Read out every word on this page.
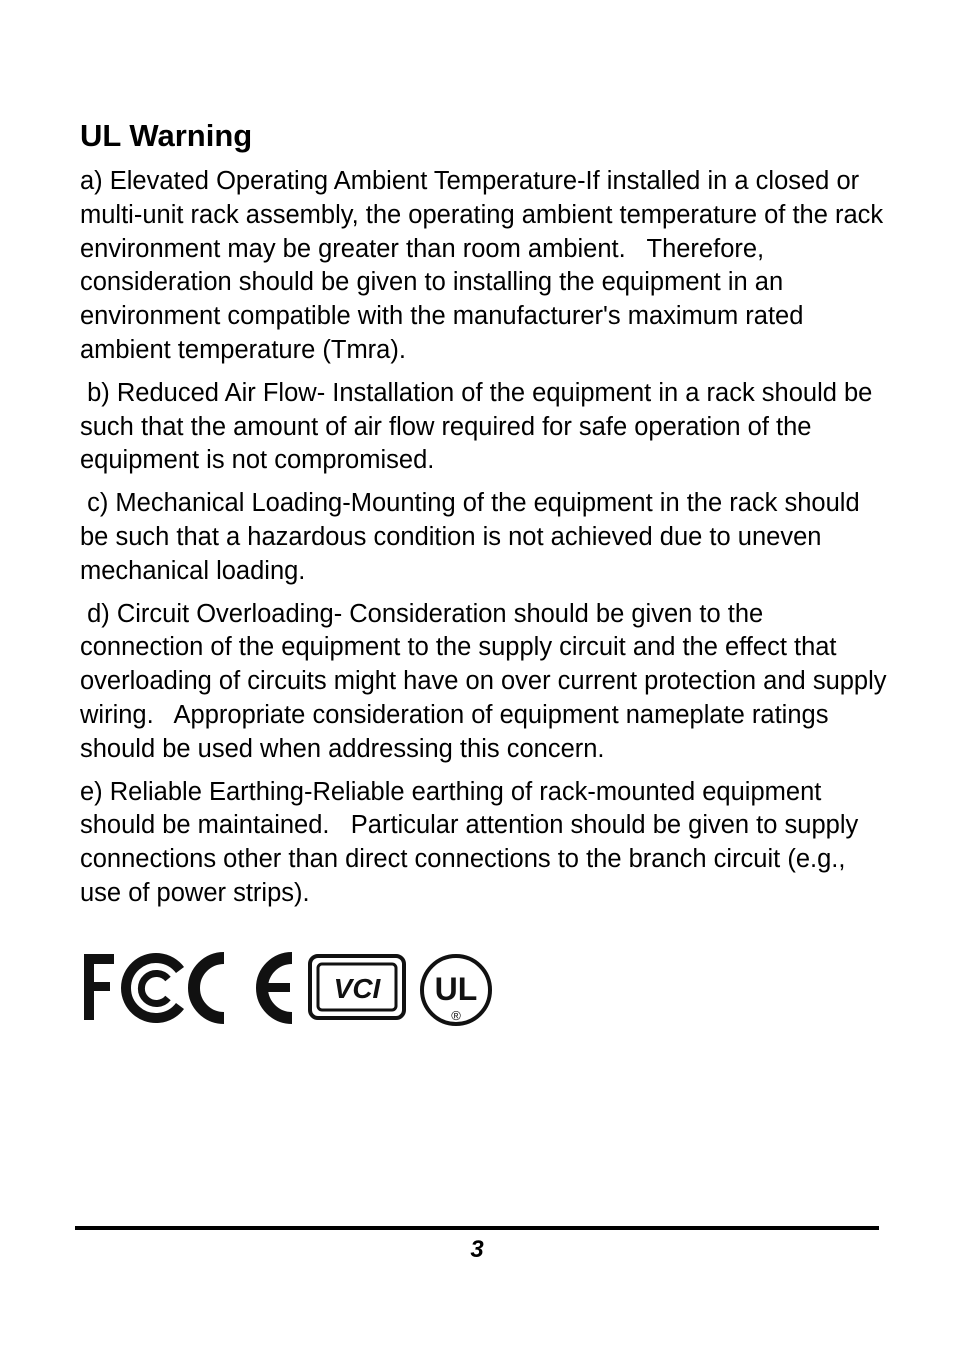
UL Warning

a) Elevated Operating Ambient Temperature-If installed in a closed or multi-unit rack assembly, the operating ambient temperature of the rack environment may be greater than room ambient.   Therefore, consideration should be given to installing the equipment in an environment compatible with the manufacturer's maximum rated ambient temperature (Tmra).

b) Reduced Air Flow- Installation of the equipment in a rack should be such that the amount of air flow required for safe operation of the equipment is not compromised.

c) Mechanical Loading-Mounting of the equipment in the rack should be such that a hazardous condition is not achieved due to uneven mechanical loading.

d) Circuit Overloading- Consideration should be given to the connection of the equipment to the supply circuit and the effect that overloading of circuits might have on over current protection and supply wiring.   Appropriate consideration of equipment nameplate ratings should be used when addressing this concern.

e) Reliable Earthing-Reliable earthing of rack-mounted equipment should be maintained.   Particular attention should be given to supply connections other than direct connections to the branch circuit (e.g., use of power strips).

VCI UL
®
3
